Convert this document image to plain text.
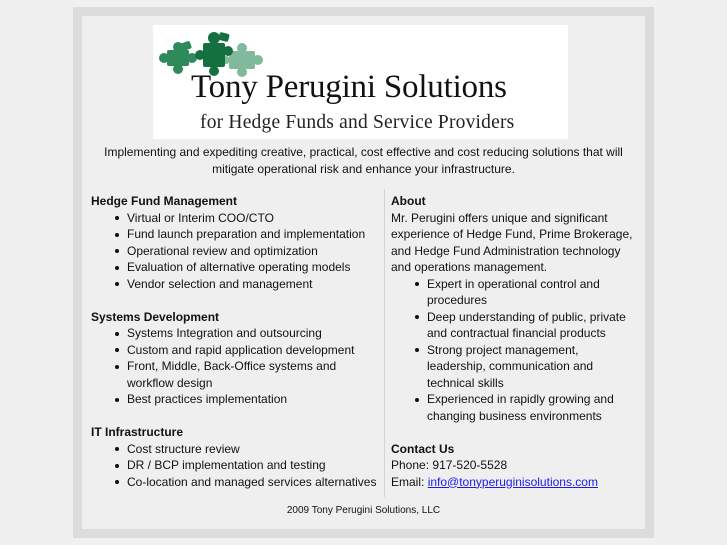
Tony Perugini Solutions
for Hedge Funds and Service Providers
Implementing and expediting creative, practical, cost effective and cost reducing solutions that will mitigate operational risk and enhance your infrastructure.

Hedge Fund Management

Virtual or Interim COO/CTO
Fund launch preparation and implementation
Operational review and optimization
Evaluation of alternative operating models
Vendor selection and management

Systems Development

Systems Integration and outsourcing
Custom and rapid application development
Front, Middle, Back-Office systems and workflow design
Best practices implementation

IT Infrastructure

Cost structure review
DR / BCP implementation and testing
Co-location and managed services alternatives

About

Mr. Perugini offers unique and significant experience of Hedge Fund, Prime Brokerage, and Hedge Fund Administration technology and operations management.

Expert in operational control and procedures
Deep understanding of public, private and contractual financial products
Strong project management, leadership, communication and technical skills
Experienced in rapidly growing and changing business environments

Contact Us

Phone: 917-520-5528

Email: info@tonyperuginisolutions.com

2009 Tony Perugini Solutions, LLC
